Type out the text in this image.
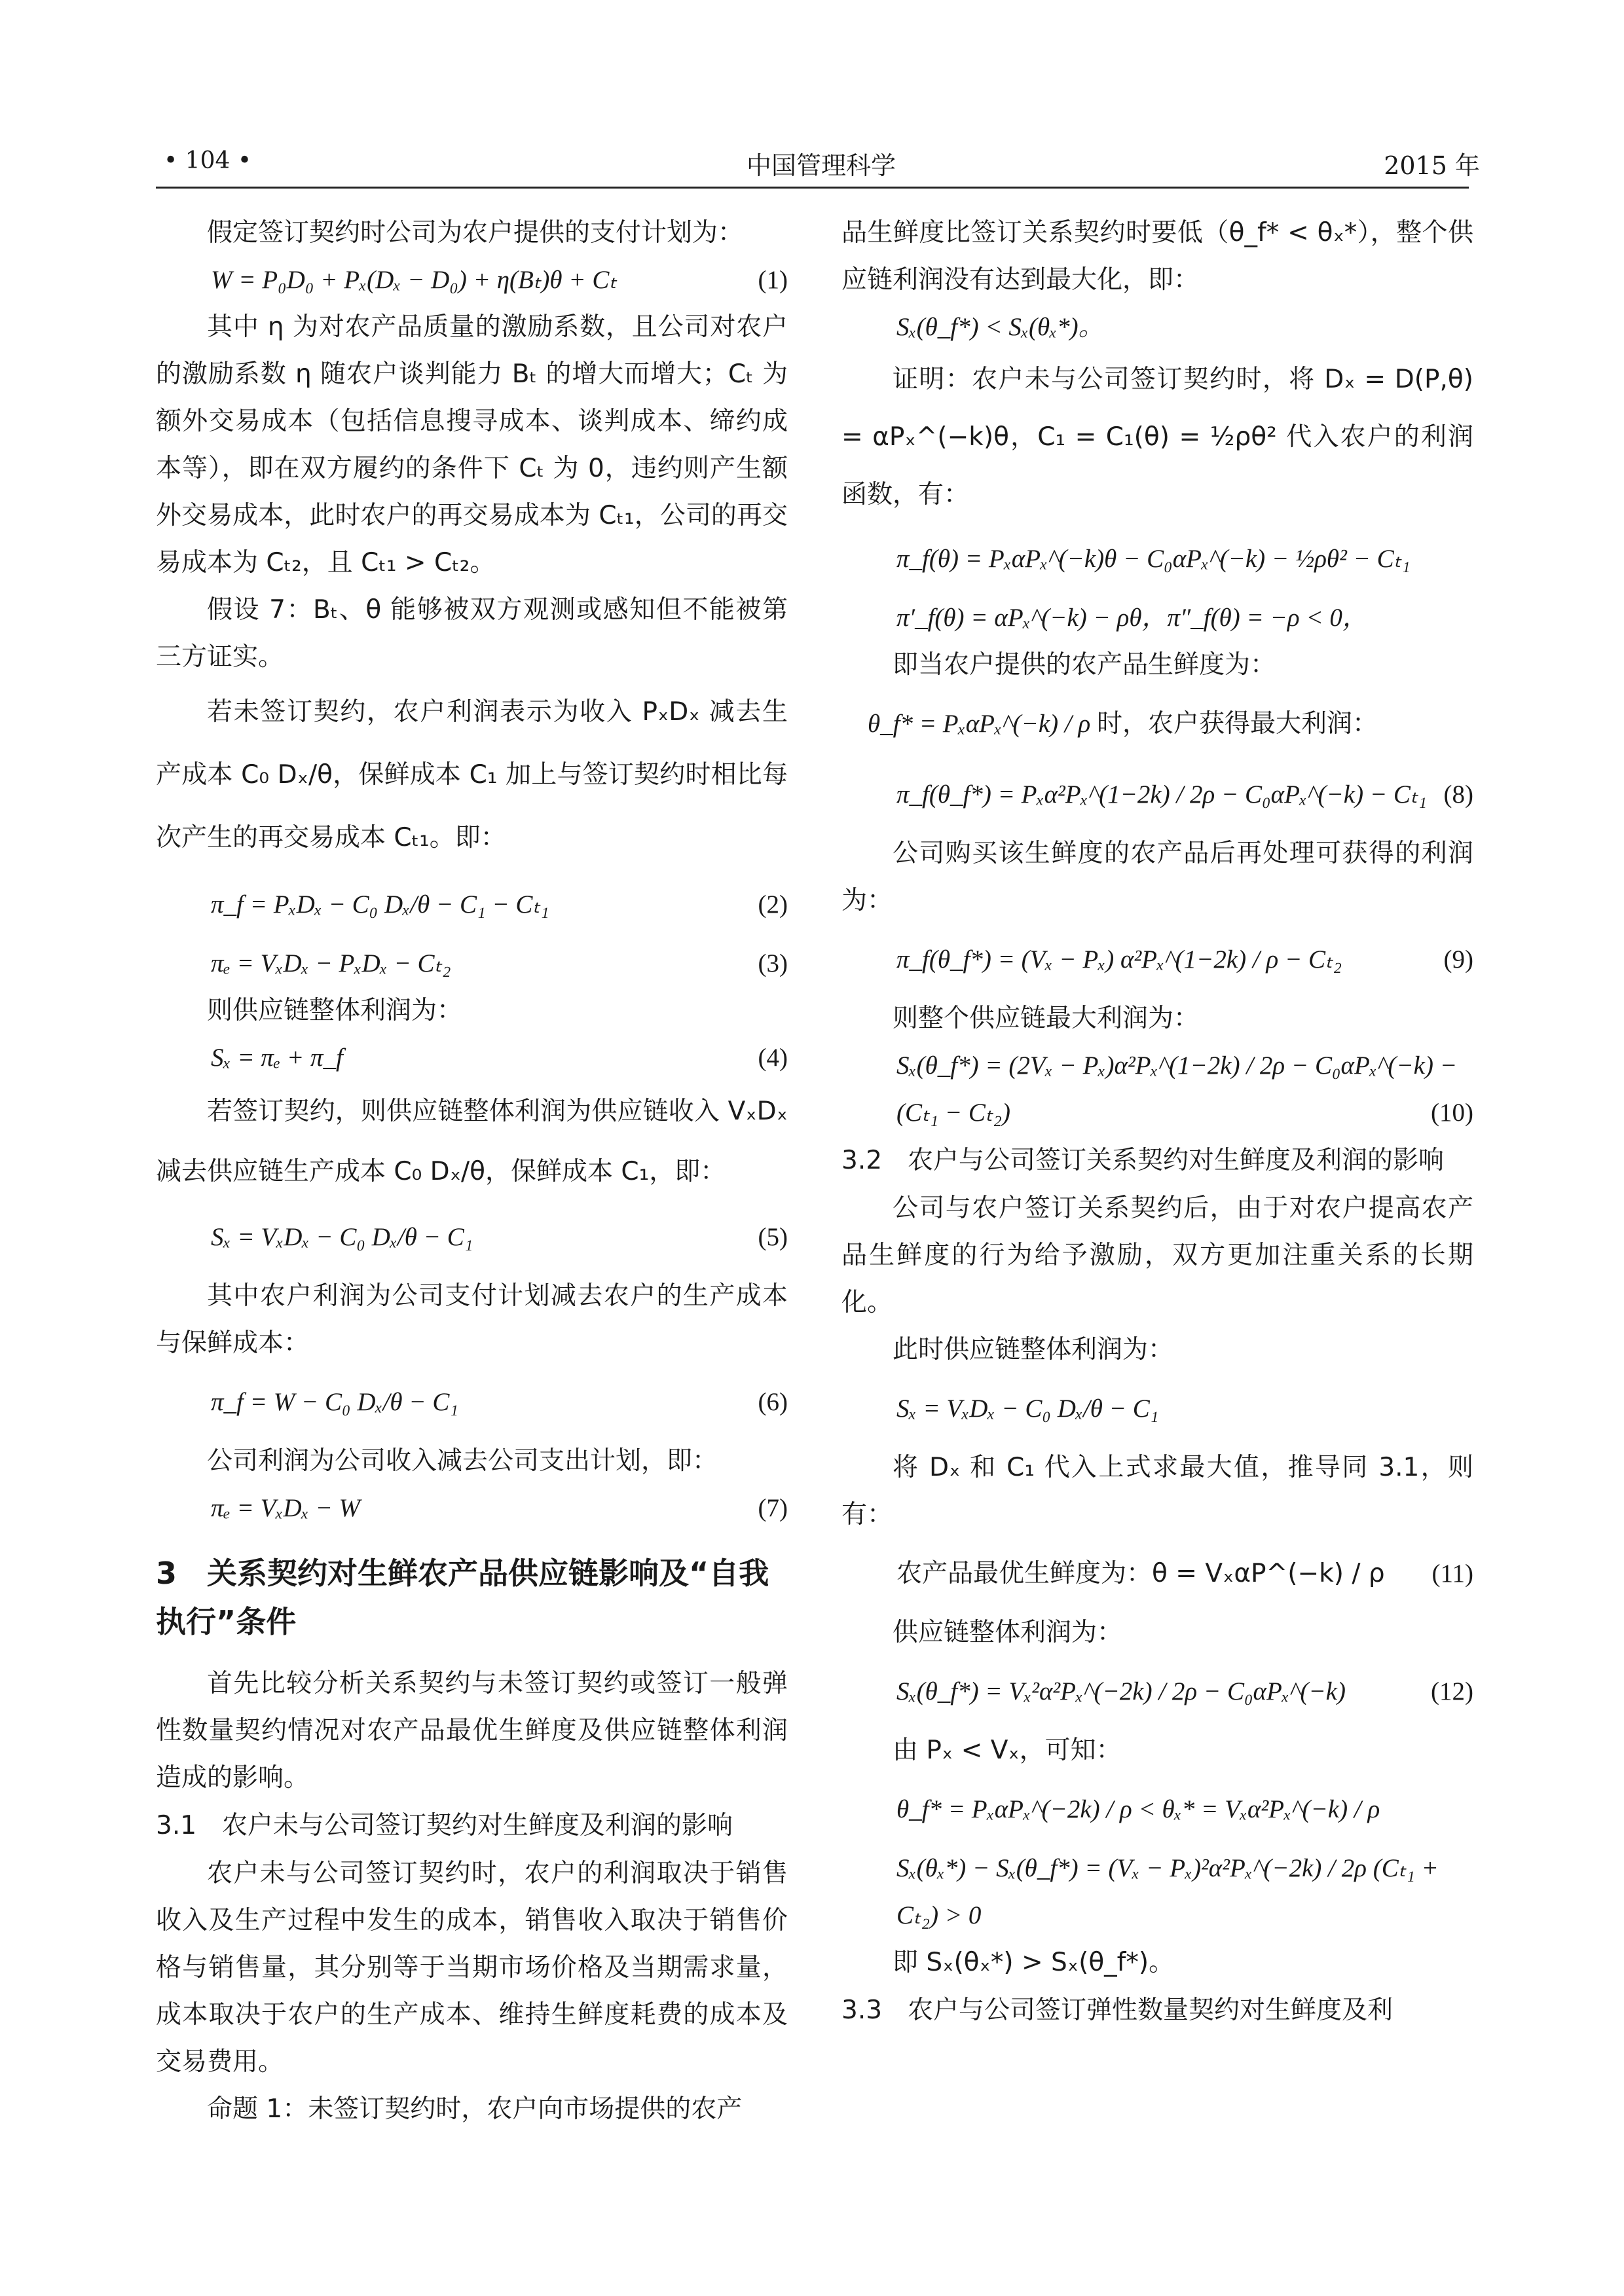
• 104 •	中国管理科学	2015 年

假定签订契约时公司为农户提供的支付计划为：

W = P₀D₀ + Pₓ(Dₓ − D₀) + η(Bₜ)θ + Cₜ	(1)

其中 η 为对农产品质量的激励系数，且公司对农户的激励系数 η 随农户谈判能力 Bₜ 的增大而增大；Cₜ 为额外交易成本（包括信息搜寻成本、谈判成本、缔约成本等），即在双方履约的条件下 Cₜ 为 0，违约则产生额外交易成本，此时农户的再交易成本为 Cₜ₁，公司的再交易成本为 Cₜ₂，且 Cₜ₁ > Cₜ₂。

假设 7：Bₜ、θ 能够被双方观测或感知但不能被第三方证实。

若未签订契约，农户利润表示为收入 PₓDₓ 减去生产成本 C₀ Dₓ/θ，保鲜成本 C₁ 加上与签订契约时相比每次产生的再交易成本 Cₜ₁。即：

π_f = PₓDₓ − C₀ Dₓ/θ − C₁ − Cₜ₁	(2)
πₑ = VₓDₓ − PₓDₓ − Cₜ₂	(3)

则供应链整体利润为：

Sₓ = πₑ + π_f	(4)

若签订契约，则供应链整体利润为供应链收入 VₓDₓ 减去供应链生产成本 C₀ Dₓ/θ，保鲜成本 C₁，即：

Sₓ = VₓDₓ − C₀ Dₓ/θ − C₁	(5)

其中农户利润为公司支付计划减去农户的生产成本与保鲜成本：

π_f = W − C₀ Dₓ/θ − C₁	(6)

公司利润为公司收入减去公司支出计划，即：

πₑ = VₓDₓ − W	(7)
3　关系契约对生鲜农产品供应链影响及“自我执行”条件

首先比较分析关系契约与未签订契约或签订一般弹性数量契约情况对农产品最优生鲜度及供应链整体利润造成的影响。

3.1　农户未与公司签订契约对生鲜度及利润的影响

农户未与公司签订契约时，农户的利润取决于销售收入及生产过程中发生的成本，销售收入取决于销售价格与销售量，其分别等于当期市场价格及当期需求量，成本取决于农户的生产成本、维持生鲜度耗费的成本及交易费用。

命题 1：未签订契约时，农户向市场提供的农产

品生鲜度比签订关系契约时要低（θ_f* < θₓ*），整个供应链利润没有达到最大化，即：

Sₓ(θ_f*) < Sₓ(θₓ*)。

证明：农户未与公司签订契约时，将 Dₓ = D(P,θ) = αPₓ^(−k)θ，C₁ = C₁(θ) = ½ρθ² 代入农户的利润函数，有：

π_f(θ) = PₓαPₓ^(−k)θ − C₀αPₓ^(−k) − ½ρθ² − Cₜ₁
π′_f(θ) = αPₓ^(−k) − ρθ，π″_f(θ) = −ρ < 0，

即当农户提供的农产品生鲜度为：

θ_f* = PₓαPₓ^(−k) / ρ 时，农户获得最大利润：
π_f(θ_f*) = Pₓα²Pₓ^(1−2k) / 2ρ − C₀αPₓ^(−k) − Cₜ₁ (8)

公司购买该生鲜度的农产品后再处理可获得的利润为：

π_f(θ_f*) = (Vₓ − Pₓ) α²Pₓ^(1−2k) / ρ − Cₜ₂	(9)

则整个供应链最大利润为：

Sₓ(θ_f*) = (2Vₓ − Pₓ)α²Pₓ^(1−2k) / 2ρ − C₀αPₓ^(−k) − (Cₜ₁ − Cₜ₂)	(10)
3.2　农户与公司签订关系契约对生鲜度及利润的影响

公司与农户签订关系契约后，由于对农户提高农产品生鲜度的行为给予激励，双方更加注重关系的长期化。

此时供应链整体利润为：

Sₓ = VₓDₓ − C₀ Dₓ/θ − C₁

将 Dₓ 和 C₁ 代入上式求最大值，推导同 3.1，则有：

农产品最优生鲜度为：θ = VₓαP^(−k) / ρ (11)

供应链整体利润为：

Sₓ(θ_f*) = Vₓ²α²Pₓ^(−2k) / 2ρ − C₀αPₓ^(−k)	(12)

由 Pₓ < Vₓ，可知：

θ_f* = PₓαPₓ^(−2k) / ρ < θₓ* = Vₓα²Pₓ^(−k) / ρ
Sₓ(θₓ*) − Sₓ(θ_f*) = (Vₓ − Pₓ)²α²Pₓ^(−2k) / 2ρ (Cₜ₁ + Cₜ₂) > 0

即 Sₓ(θₓ*) > Sₓ(θ_f*)。

3.3　农户与公司签订弹性数量契约对生鲜度及利
